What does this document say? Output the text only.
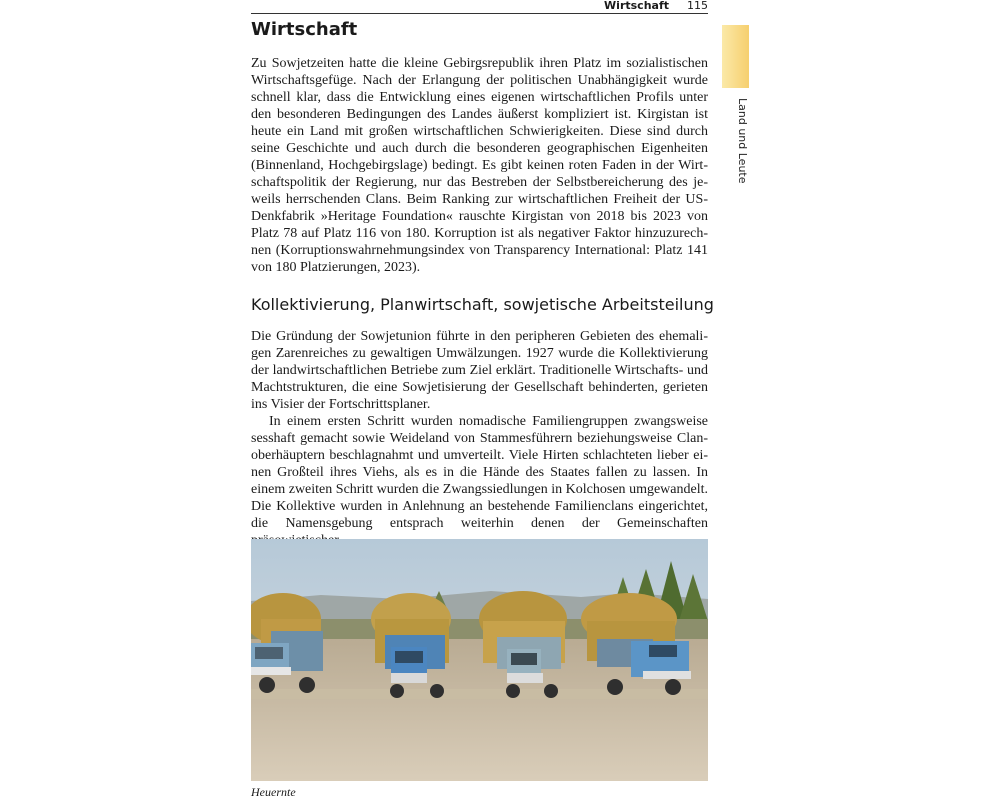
Wirtschaft 115
Land und Leute
Wirtschaft

Zu Sowjetzeiten hatte die kleine Gebirgsrepublik ihren Platz im sozialistischen Wirtschaftsgefüge. Nach der Erlangung der politischen Unabhängigkeit wurde schnell klar, dass die Entwicklung eines eigenen wirtschaftlichen Profils unter den besonderen Bedingungen des Landes äußerst kompliziert ist. Kirgistan ist heute ein Land mit großen wirtschaftlichen Schwierigkeiten. Diese sind durch seine Geschichte und auch durch die besonderen geographischen Eigenheiten (Binnenland, Hochgebirgslage) bedingt. Es gibt keinen roten Faden in der Wirtschaftspolitik der Regierung, nur das Bestreben der Selbstbereicherung des jeweils herrschenden Clans. Beim Ranking zur wirtschaftlichen Freiheit der US-Denkfabrik »Heritage Foundation« rauschte Kirgistan von 2018 bis 2023 von Platz 78 auf Platz 116 von 180. Korruption ist als negativer Faktor hinzuzurechnen (Korruptionswahrnehmungsindex von Transparency International: Platz 141 von 180 Platzierungen, 2023).

Kollektivierung, Planwirtschaft, sowjetische Arbeitsteilung

Die Gründung der Sowjetunion führte in den peripheren Gebieten des ehemaligen Zarenreiches zu gewaltigen Umwälzungen. 1927 wurde die Kollektivierung der landwirtschaftlichen Betriebe zum Ziel erklärt. Traditionelle Wirtschafts- und Machtstrukturen, die eine Sowjetisierung der Gesellschaft behinderten, gerieten ins Visier der Fortschrittsplaner.

In einem ersten Schritt wurden nomadische Familiengruppen zwangsweise sesshaft gemacht sowie Weideland von Stammesführern beziehungsweise Clanoberhäuptern beschlagnahmt und umverteilt. Viele Hirten schlachteten lieber einen Großteil ihres Viehs, als es in die Hände des Staates fallen zu lassen. In einem zweiten Schritt wurden die Zwangssiedlungen in Kolchosen umgewandelt. Die Kollektive wurden in Anlehnung an bestehende Familienclans eingerichtet, die Namensgebung entsprach weiterhin denen der Gemeinschaften

Heuernte
